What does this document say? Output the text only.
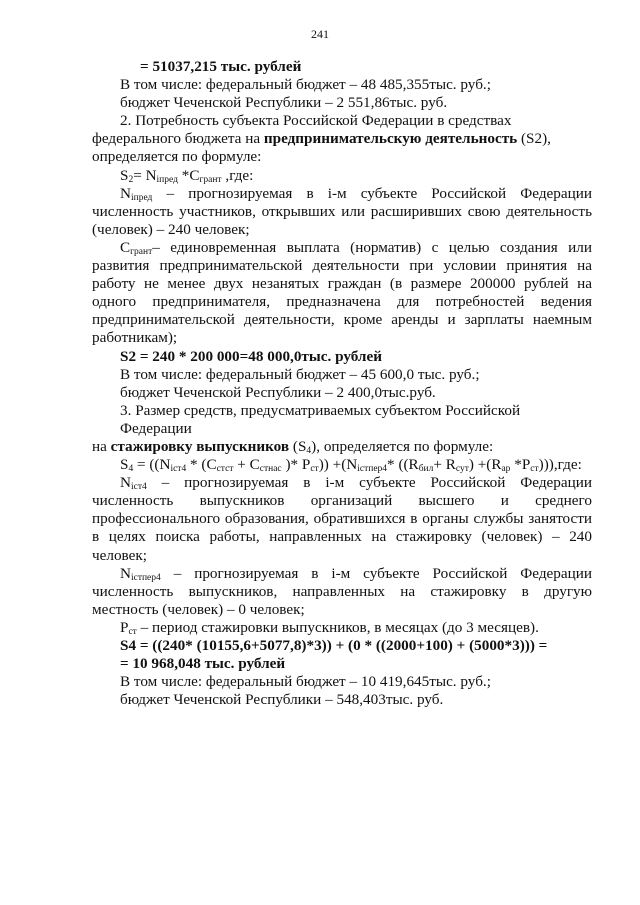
241

= 51037,215 тыс. рублей

В том числе: федеральный бюджет – 48 485,355тыс. руб.;

бюджет Чеченской Республики – 2 551,86тыс. руб.

2. Потребность субъекта Российской Федерации в средствах

федерального бюджета на предпринимательскую деятельность (S2),

определяется по формуле:

$S_2= N_{iпред}$ $*C_{грант}$ ,где:

$N_{iпред}$ – прогнозируемая в i-м субъекте Российской Федерации численность участников, открывших или расширивших свою деятельность (человек) – 240 человек;

$C_{грант}-$ единовременная выплата (норматив) с целью создания или развития предпринимательской деятельности при условии принятия на работу не менее двух незанятых граждан (в размере 200000 рублей на одного предпринимателя, предназначена для потребностей ведения предпринимательской деятельности, кроме аренды и зарплаты наемным работникам);

S2 = 240 * 200 000=48 000,0тыс. рублей

В том числе: федеральный бюджет – 45 600,0 тыс. руб.;

бюджет Чеченской Республики – 2 400,0тыс.руб.

3. Размер средств, предусматриваемых субъектом Российской Федерации

на стажировку выпускников $(S_4)$, определяется по формуле:

$S_4 = ((N_{iст4} * (C_{стст} + C_{стнас}$ )* $P_{ст})) +(N_{iстпер4}*$ ($(R_{бил}+ R_{сут}) +(R_{ар}$ $*P_{ст}))),где$:

$N_{iст4}$ – прогнозируемая в i-м субъекте Российской Федерации численность выпускников организаций высшего и среднего профессионального образования, обратившихся в органы службы занятости в целях поиска работы, направленных на стажировку (человек) – 240 человек;

$N_{iстпер4}$ – прогнозируемая в i-м субъекте Российской Федерации численность выпускников, направленных на стажировку в другую местность (человек) – 0 человек;

$P_{ст}$ – период стажировки выпускников, в месяцах (до 3 месяцев).

S4 = ((240* (10155,6+5077,8)*3)) + (0 * ((2000+100) + (5000*3))) =

= 10 968,048 тыс. рублей

В том числе: федеральный бюджет – 10 419,645тыс. руб.;

бюджет Чеченской Республики – 548,403тыс. руб.
